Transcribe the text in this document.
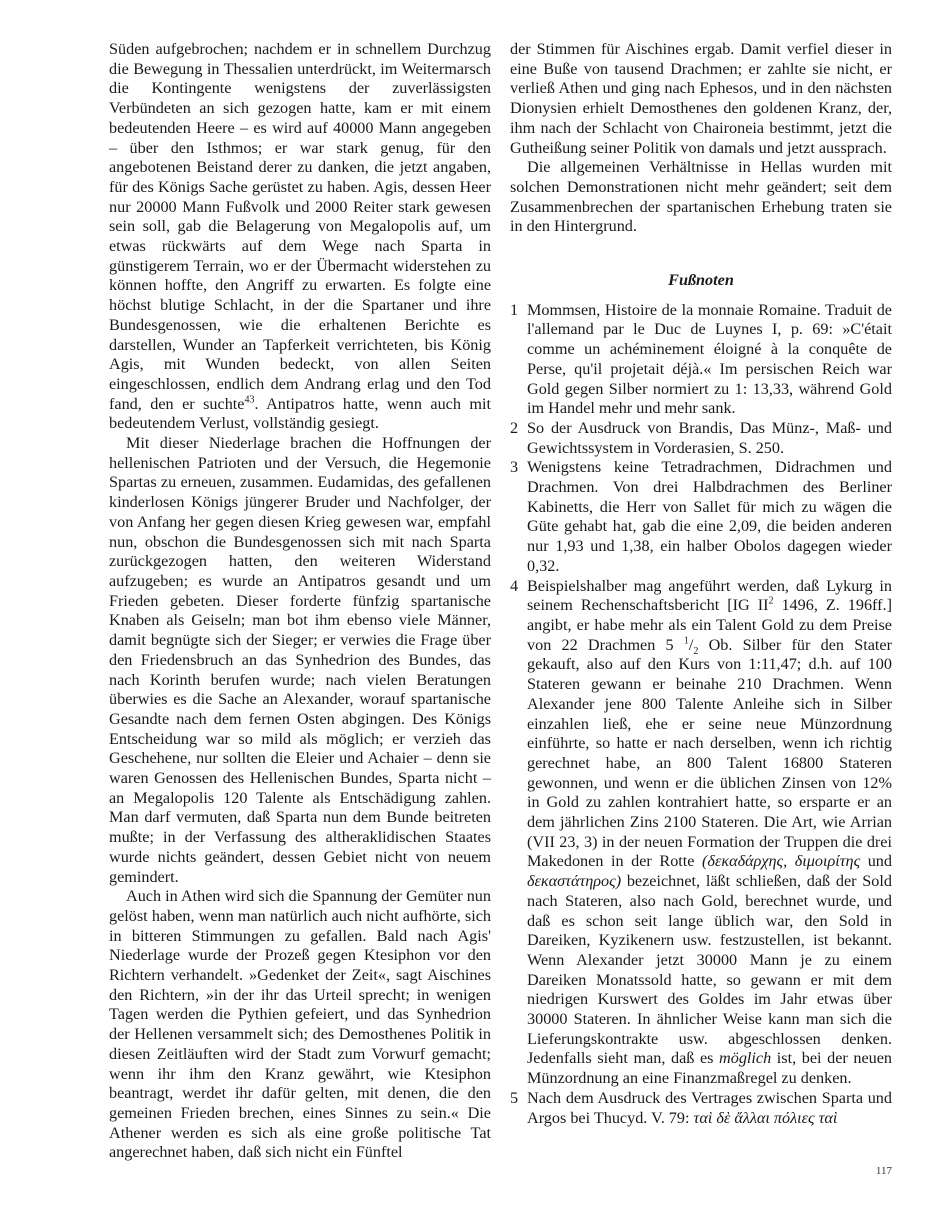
Süden aufgebrochen; nachdem er in schnellem Durchzug die Bewegung in Thessalien unterdrückt, im Weitermarsch die Kontingente wenigstens der zuverlässigsten Verbündeten an sich gezogen hatte, kam er mit einem bedeutenden Heere – es wird auf 40000 Mann angegeben – über den Isthmos; er war stark genug, für den angebotenen Beistand derer zu danken, die jetzt angaben, für des Königs Sache gerüstet zu haben. Agis, dessen Heer nur 20000 Mann Fußvolk und 2000 Reiter stark gewesen sein soll, gab die Belagerung von Megalopolis auf, um etwas rückwärts auf dem Wege nach Sparta in günstigerem Terrain, wo er der Übermacht widerstehen zu können hoffte, den Angriff zu erwarten. Es folgte eine höchst blutige Schlacht, in der die Spartaner und ihre Bundesgenossen, wie die erhaltenen Berichte es darstellen, Wunder an Tapferkeit verrichteten, bis König Agis, mit Wunden bedeckt, von allen Seiten eingeschlossen, endlich dem Andrang erlag und den Tod fand, den er suchte$^{43}$. Antipatros hatte, wenn auch mit bedeutendem Verlust, vollständig gesiegt.

Mit dieser Niederlage brachen die Hoffnungen der hellenischen Patrioten und der Versuch, die Hegemonie Spartas zu erneuen, zusammen. Eudamidas, des gefallenen kinderlosen Königs jüngerer Bruder und Nachfolger, der von Anfang her gegen diesen Krieg gewesen war, empfahl nun, obschon die Bundesgenossen sich mit nach Sparta zurückgezogen hatten, den weiteren Widerstand aufzugeben; es wurde an Antipatros gesandt und um Frieden gebeten. Dieser forderte fünfzig spartanische Knaben als Geiseln; man bot ihm ebenso viele Männer, damit begnügte sich der Sieger; er verwies die Frage über den Friedensbruch an das Synhedrion des Bundes, das nach Korinth berufen wurde; nach vielen Beratungen überwies es die Sache an Alexander, worauf spartanische Gesandte nach dem fernen Osten abgingen. Des Königs Entscheidung war so mild als möglich; er verzieh das Geschehene, nur sollten die Eleier und Achaier – denn sie waren Genossen des Hellenischen Bundes, Sparta nicht – an Megalopolis 120 Talente als Entschädigung zahlen. Man darf vermuten, daß Sparta nun dem Bunde beitreten mußte; in der Verfassung des altheraklidischen Staates wurde nichts geändert, dessen Gebiet nicht von neuem gemindert.

Auch in Athen wird sich die Spannung der Gemüter nun gelöst haben, wenn man natürlich auch nicht aufhörte, sich in bitteren Stimmungen zu gefallen. Bald nach Agis' Niederlage wurde der Prozeß gegen Ktesiphon vor den Richtern verhandelt. »Gedenket der Zeit«, sagt Aischines den Richtern, »in der ihr das Urteil sprecht; in wenigen Tagen werden die Pythien gefeiert, und das Synhedrion der Hellenen versammelt sich; des Demosthenes Politik in diesen Zeitläuften wird der Stadt zum Vorwurf gemacht; wenn ihr ihm den Kranz gewährt, wie Ktesiphon beantragt, werdet ihr dafür gelten, mit denen, die den gemeinen Frieden brechen, eines Sinnes zu sein.« Die Athener werden es sich als eine große politische Tat angerechnet haben, daß sich nicht ein Fünftel

der Stimmen für Aischines ergab. Damit verfiel dieser in eine Buße von tausend Drachmen; er zahlte sie nicht, er verließ Athen und ging nach Ephesos, und in den nächsten Dionysien erhielt Demosthenes den goldenen Kranz, der, ihm nach der Schlacht von Chaironeia bestimmt, jetzt die Gutheißung seiner Politik von damals und jetzt aussprach.

Die allgemeinen Verhältnisse in Hellas wurden mit solchen Demonstrationen nicht mehr geändert; seit dem Zusammenbrechen der spartanischen Erhebung traten sie in den Hintergrund.

Fußnoten

1 Mommsen, Histoire de la monnaie Romaine. Traduit de l'allemand par le Duc de Luynes I, p. 69: »C'était comme un achéminement éloigné à la conquête de Perse, qu'il projetait déjà.« Im persischen Reich war Gold gegen Silber normiert zu 1: 13,33, während Gold im Handel mehr und mehr sank.

2 So der Ausdruck von Brandis, Das Münz-, Maß- und Gewichtssystem in Vorderasien, S. 250.

3 Wenigstens keine Tetradrachmen, Didrachmen und Drachmen. Von drei Halbdrachmen des Berliner Kabinetts, die Herr von Sallet für mich zu wägen die Güte gehabt hat, gab die eine 2,09, die beiden anderen nur 1,93 und 1,38, ein halber Obolos dagegen wieder 0,32.

4 Beispielshalber mag angeführt werden, daß Lykurg in seinem Rechenschaftsbericht [IG $II^2$ 1496, Z. 196ff.] angibt, er habe mehr als ein Talent Gold zu dem Preise von 22 Drachmen 5 $^1/_2$ Ob. Silber für den Stater gekauft, also auf den Kurs von 1:11,47; d.h. auf 100 Stateren gewann er beinahe 210 Drachmen. Wenn Alexander jene 800 Talente Anleihe sich in Silber einzahlen ließ, ehe er seine neue Münzordnung einführte, so hatte er nach derselben, wenn ich richtig gerechnet habe, an 800 Talent 16800 Stateren gewonnen, und wenn er die üblichen Zinsen von 12% in Gold zu zahlen kontrahiert hatte, so ersparte er an dem jährlichen Zins 2100 Stateren. Die Art, wie Arrian (VII 23, 3) in der neuen Formation der Truppen die drei Makedonen in der Rotte (δεκαδάρχης, διμοιρίτης und δεκαστάτηρος) bezeichnet, läßt schließen, daß der Sold nach Stateren, also nach Gold, berechnet wurde, und daß es schon seit lange üblich war, den Sold in Dareiken, Kyzikenern usw. festzustellen, ist bekannt. Wenn Alexander jetzt 30000 Mann je zu einem Dareiken Monatssold hatte, so gewann er mit dem niedrigen Kurswert des Goldes im Jahr etwas über 30000 Stateren. In ähnlicher Weise kann man sich die Lieferungskontrakte usw. abgeschlossen denken. Jedenfalls sieht man, daß es möglich ist, bei der neuen Münzordnung an eine Finanzmaßregel zu denken.

5 Nach dem Ausdruck des Vertrages zwischen Sparta und Argos bei Thucyd. V. 79: ταὶ δὲ ἄλλαι πόλιες ταὶ

117
